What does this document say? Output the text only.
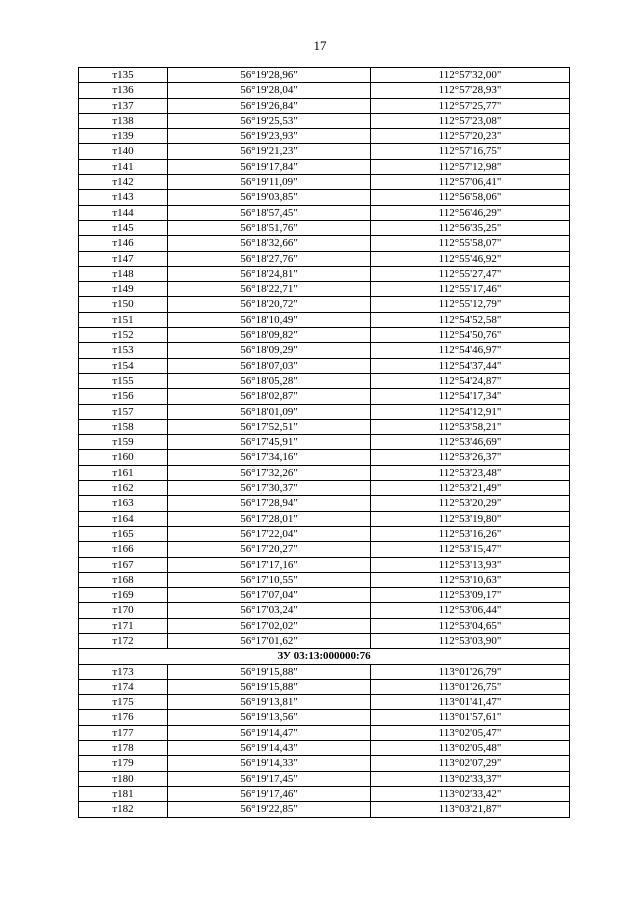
17
т135	56°19'28,96"	112°57'32,00"
т136	56°19'28,04"	112°57'28,93"
т137	56°19'26,84"	112°57'25,77"
т138	56°19'25,53"	112°57'23,08"
т139	56°19'23,93"	112°57'20,23"
т140	56°19'21,23"	112°57'16,75"
т141	56°19'17,84"	112°57'12,98"
т142	56°19'11,09"	112°57'06,41"
т143	56°19'03,85"	112°56'58,06"
т144	56°18'57,45"	112°56'46,29"
т145	56°18'51,76"	112°56'35,25"
т146	56°18'32,66"	112°55'58,07"
т147	56°18'27,76"	112°55'46,92"
т148	56°18'24,81"	112°55'27,47"
т149	56°18'22,71"	112°55'17,46"
т150	56°18'20,72"	112°55'12,79"
т151	56°18'10,49"	112°54'52,58"
т152	56°18'09,82"	112°54'50,76"
т153	56°18'09,29"	112°54'46,97"
т154	56°18'07,03"	112°54'37,44"
т155	56°18'05,28"	112°54'24,87"
т156	56°18'02,87"	112°54'17,34"
т157	56°18'01,09"	112°54'12,91"
т158	56°17'52,51"	112°53'58,21"
т159	56°17'45,91"	112°53'46,69"
т160	56°17'34,16"	112°53'26,37"
т161	56°17'32,26"	112°53'23,48"
т162	56°17'30,37"	112°53'21,49"
т163	56°17'28,94"	112°53'20,29"
т164	56°17'28,01"	112°53'19,80"
т165	56°17'22,04"	112°53'16,26"
т166	56°17'20,27"	112°53'15,47"
т167	56°17'17,16"	112°53'13,93"
т168	56°17'10,55"	112°53'10,63"
т169	56°17'07,04"	112°53'09,17"
т170	56°17'03,24"	112°53'06,44"
т171	56°17'02,02"	112°53'04,65"
т172	56°17'01,62"	112°53'03,90"
ЗУ 03:13:000000:76		
т173	56°19'15,88"	113°01'26,79"
т174	56°19'15,88"	113°01'26,75"
т175	56°19'13,81"	113°01'41,47"
т176	56°19'13,56"	113°01'57,61"
т177	56°19'14,47"	113°02'05,47"
т178	56°19'14,43"	113°02'05,48"
т179	56°19'14,33"	113°02'07,29"
т180	56°19'17,45"	113°02'33,37"
т181	56°19'17,46"	113°02'33,42"
т182	56°19'22,85"	113°03'21,87"
